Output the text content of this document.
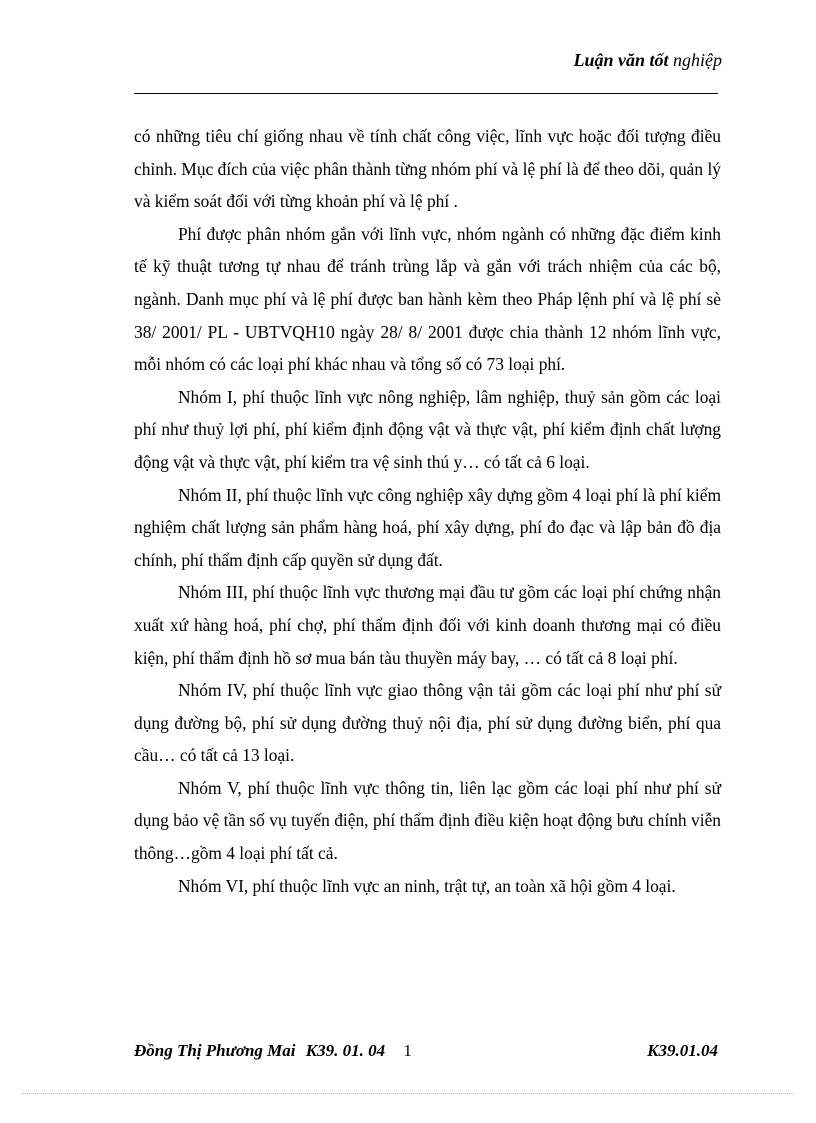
Luận văn tốt nghiệp

có những tiêu chí giống nhau về tính chất công việc, lĩnh vực hoặc đối tượng điều chỉnh. Mục đích của việc phân thành từng nhóm phí và lệ phí là để theo dõi, quản lý và kiểm soát đối với từng khoản phí và lệ phí .

Phí được phân nhóm gắn với lĩnh vực, nhóm ngành có những đặc điểm kinh tế kỹ thuật tương tự nhau để tránh trùng lắp và gắn với trách nhiệm của các bộ, ngành. Danh mục phí và lệ phí được ban hành kèm theo Pháp lệnh phí và lệ phí sè 38/ 2001/ PL - UBTVQH10 ngày 28/ 8/ 2001 được chia thành 12 nhóm lĩnh vực, mỗi nhóm có các loại phí khác nhau và tổng số có 73 loại phí.

Nhóm I, phí thuộc lĩnh vực nông nghiệp, lâm nghiệp, thuỷ sản gồm các loại phí như thuỷ lợi phí, phí kiểm định động vật và thực vật, phí kiểm định chất lượng động vật và thực vật, phí kiểm tra vệ sinh thú y… có tất cả 6 loại.

Nhóm II, phí thuộc lĩnh vực công nghiệp xây dựng gồm 4 loại phí là phí kiểm nghiệm chất lượng sản phẩm hàng hoá, phí xây dựng, phí đo đạc và lập bản đồ địa chính, phí thẩm định cấp quyền sử dụng đất.

Nhóm III, phí thuộc lĩnh vực thương mại đầu tư gồm các loại phí chứng nhận xuất xứ hàng hoá, phí chợ, phí thẩm định đối với kinh doanh thương mại có điều kiện, phí thẩm định hồ sơ mua bán tàu thuyền máy bay, … có tất cả 8 loại phí.

Nhóm IV, phí thuộc lĩnh vực giao thông vận tải gồm các loại phí như phí sử dụng đường bộ, phí sử dụng đường thuỷ nội địa, phí sử dụng đường biển, phí qua cầu… có tất cả 13 loại.

Nhóm V, phí thuộc lĩnh vực thông tin, liên lạc gồm các loại phí như phí sử dụng bảo vệ tần số vụ tuyến điện, phí thẩm định điều kiện hoạt động bưu chính viễn thông…gồm 4 loại phí tất cả.

Nhóm VI, phí thuộc lĩnh vực an ninh, trật tự, an toàn xã hội gồm 4 loại.

Đồng Thị Phương Mai K39. 01. 04 1	K39.01.04
